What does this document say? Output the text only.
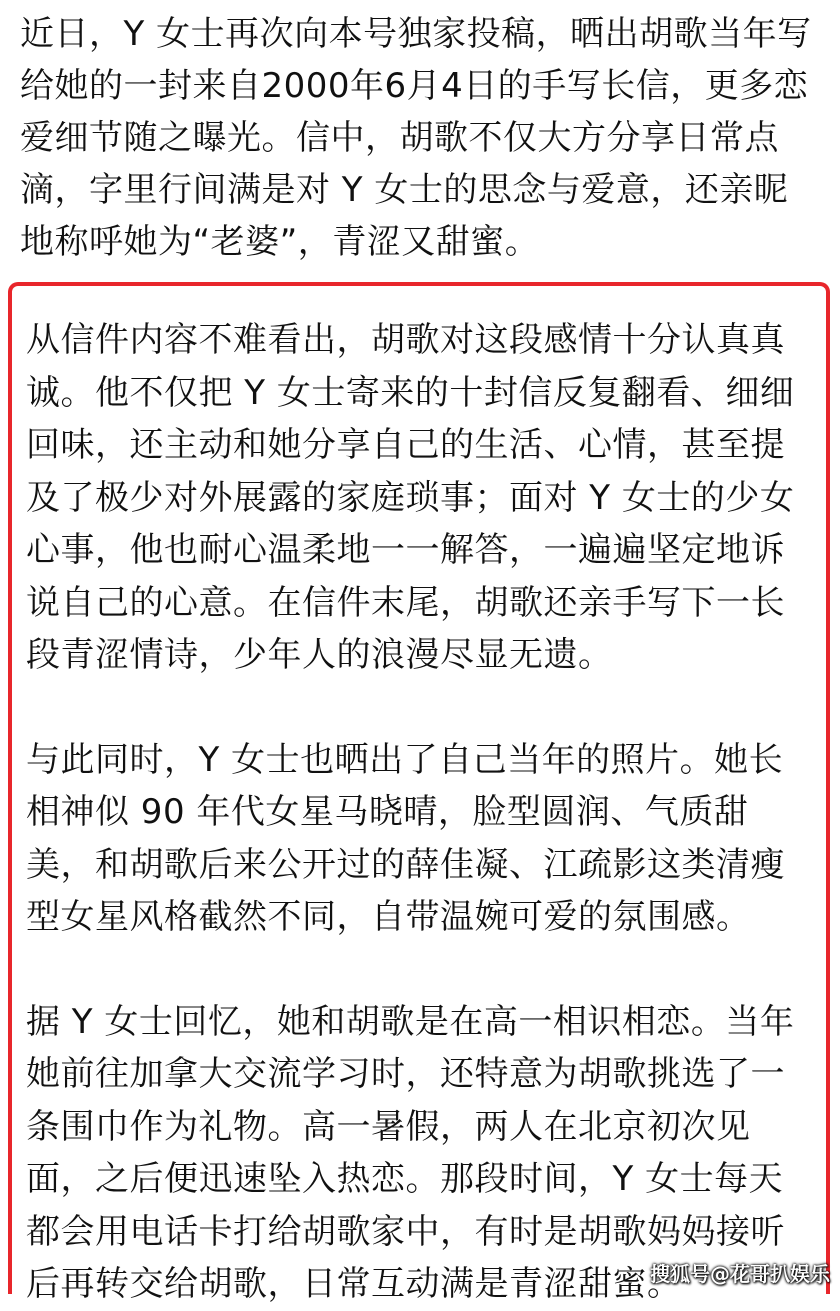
近日，Y 女士再次向本号独家投稿，晒出胡歌当年写给她的一封来自2000年6月4日的手写长信，更多恋爱细节随之曝光。信中，胡歌不仅大方分享日常点滴，字里行间满是对 Y 女士的思念与爱意，还亲昵地称呼她为“老婆”，青涩又甜蜜。

从信件内容不难看出，胡歌对这段感情十分认真真诚。他不仅把 Y 女士寄来的十封信反复翻看、细细回味，还主动和她分享自己的生活、心情，甚至提及了极少对外展露的家庭琐事；面对 Y 女士的少女心事，他也耐心温柔地一一解答，一遍遍坚定地诉说自己的心意。在信件末尾，胡歌还亲手写下一长段青涩情诗，少年人的浪漫尽显无遗。

与此同时，Y 女士也晒出了自己当年的照片。她长相神似 90 年代女星马晓晴，脸型圆润、气质甜美，和胡歌后来公开过的薛佳凝、江疏影这类清瘦型女星风格截然不同，自带温婉可爱的氛围感。

据 Y 女士回忆，她和胡歌是在高一相识相恋。当年她前往加拿大交流学习时，还特意为胡歌挑选了一条围巾作为礼物。高一暑假，两人在北京初次见面，之后便迅速坠入热恋。那段时间，Y 女士每天都会用电话卡打给胡歌家中，有时是胡歌妈妈接听后再转交给胡歌，日常互动满是青涩甜蜜。

搜狐号@花哥扒娱乐
